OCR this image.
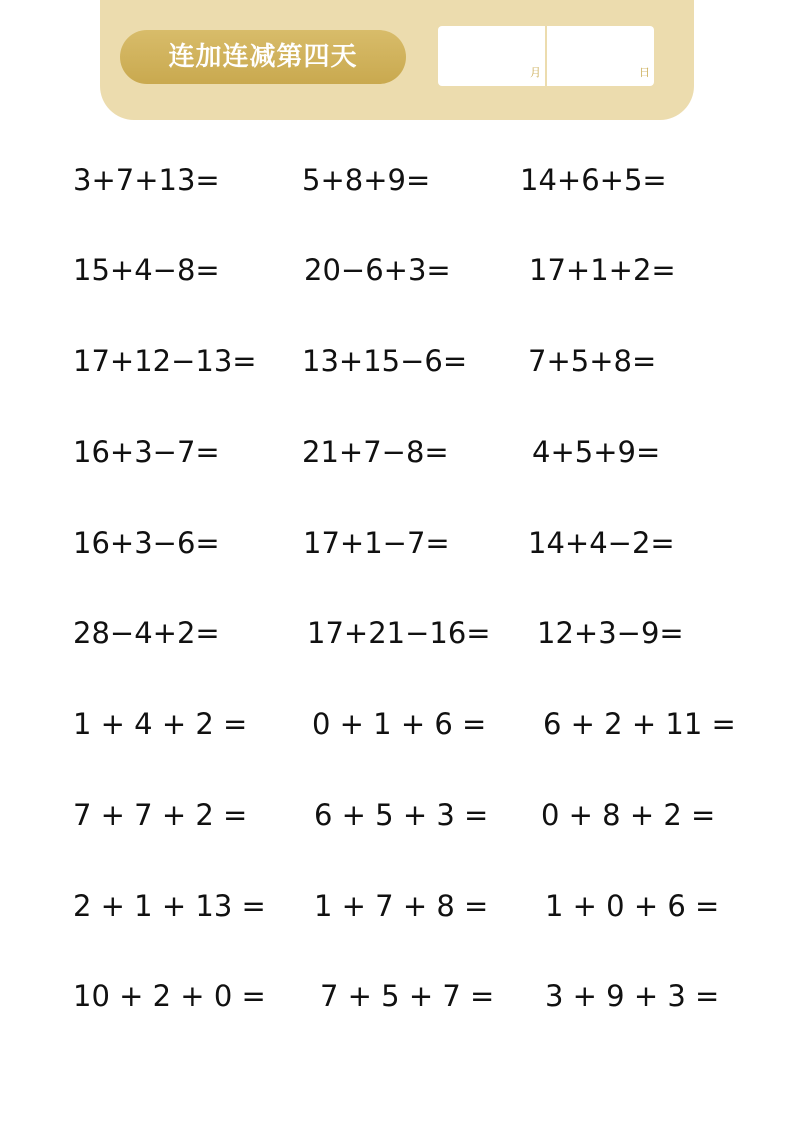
连加连减第四天
月	日
3+7+13=	5+8+9=	14+6+5=
15+4−8=	20−6+3=	17+1+2=
17+12−13= 13+15−6= 7+5+8=
16+3−7=	21+7−8=	4+5+9=
16+3−6=	17+1−7=	14+4−2=
28−4+2=	17+21−16= 12+3−9=
1 + 4 + 2 = 0 + 1 + 6 = 6 + 2 + 11 =
7 + 7 + 2 = 6 + 5 + 3 = 0 + 8 + 2 =
2 + 1 + 13 = 1 + 7 + 8 = 1 + 0 + 6 =
10 + 2 + 0 = 7 + 5 + 7 = 3 + 9 + 3 =
